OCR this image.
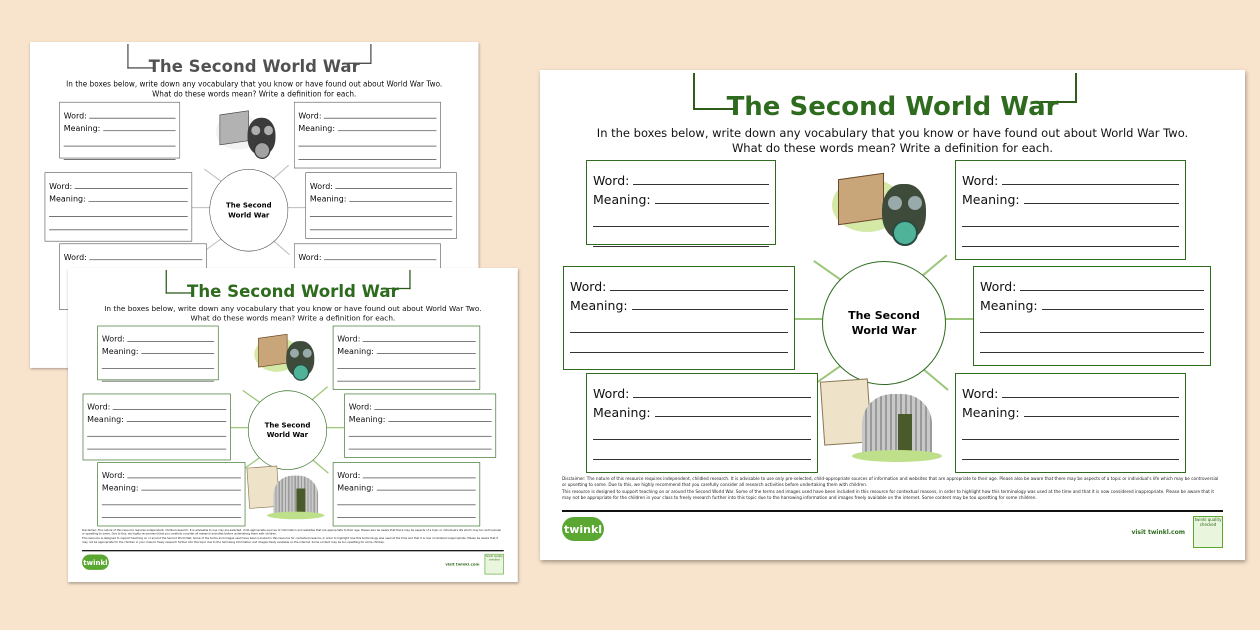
The Second World War
In the boxes below, write down any vocabulary that you know or have found out about World War Two.
What do these words mean? Write a definition for each.
Word:
Meaning:
Word:
Meaning:
Word:
Meaning:
Word:
Meaning:
Word:	Word:
The Second
World War
The Second World War
In the boxes below, write down any vocabulary that you know or have found out about World War Two.
What do these words mean? Write a definition for each.
Word:
Meaning:
Word:
Meaning:
Word:
Meaning:
Word:
Meaning:
Word:
Meaning:
Word:
Meaning:
The Second
World War
Disclaimer: The nature of this resource requires independent, childled research. It is advisable to use only pre-selected, child-appropriate sources of information and websites that are appropriate to their age. Please also be aware that there may be aspects of a topic or individual's life which may be controversial or upsetting to some. Due to this, we highly recommend that you carefully consider all research activities before undertaking them with children.
This resource is designed to support teaching on or around the Second World War. Some of the terms and images used have been included in this resource for contextual reasons, in order to highlight how this terminology was used at the time and that it is now considered inappropriate. Please be aware that it may not be appropriate for the children in your class to freely research further into this topic due to the harrowing information and images freely available on the internet. Some content may be too upsetting for some children.
twinkl	visit twinkl.com
twinkl quality checked
The Second World War
In the boxes below, write down any vocabulary that you know or have found out about World War Two.
What do these words mean? Write a definition for each.
Word:
Meaning:
Word:
Meaning:
Word:
Meaning:
Word:
Meaning:
Word:
Meaning:
Word:
Meaning:
The Second
World War
Disclaimer: The nature of this resource requires independent, childled research. It is advisable to use only pre-selected, child-appropriate sources of information and websites that are appropriate to their age. Please also be aware that there may be aspects of a topic or individual's life which may be controversial or upsetting to some. Due to this, we highly recommend that you carefully consider all research activities before undertaking them with children.
This resource is designed to support teaching on or around the Second World War. Some of the terms and images used have been included in this resource for contextual reasons, in order to highlight how this terminology was used at the time and that it is now considered inappropriate. Please be aware that it may not be appropriate for the children in your class to freely research further into this topic due to the harrowing information and images freely available on the internet. Some content may be too upsetting for some children.
twinkl	visit twinkl.com
twinkl quality checked
